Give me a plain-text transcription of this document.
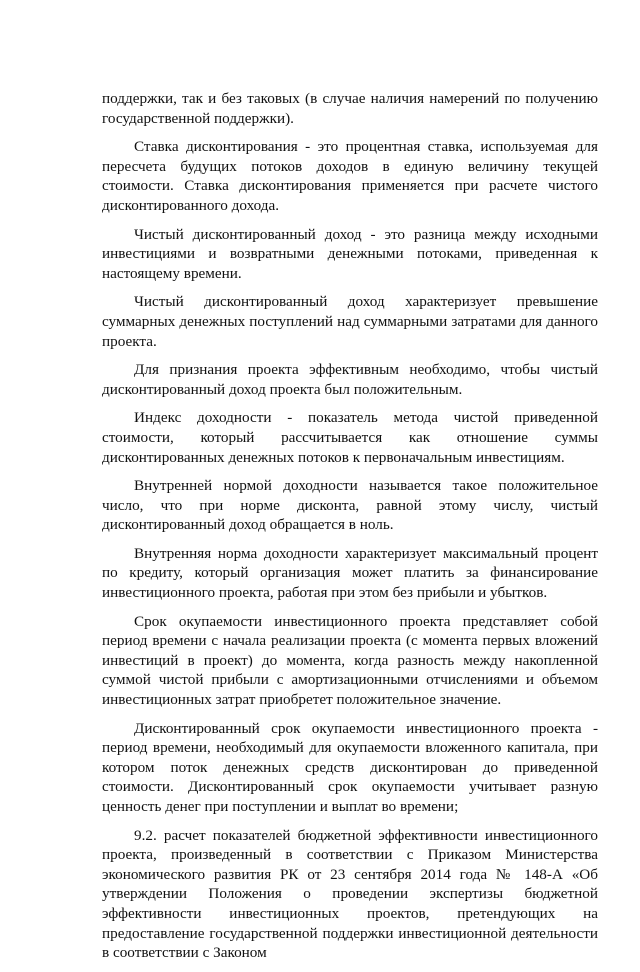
поддержки, так и без таковых (в случае наличия намерений по получению государственной поддержки).

Ставка дисконтирования - это процентная ставка, используемая для пересчета будущих потоков доходов в единую величину текущей стоимости. Ставка дисконтирования применяется при расчете чистого дисконтированного дохода.

Чистый дисконтированный доход - это разница между исходными инвестициями и возвратными денежными потоками, приведенная к настоящему времени.

Чистый дисконтированный доход характеризует превышение суммарных денежных поступлений над суммарными затратами для данного проекта.

Для признания проекта эффективным необходимо, чтобы чистый дисконтированный доход проекта был положительным.

Индекс доходности - показатель метода чистой приведенной стоимости, который рассчитывается как отношение суммы дисконтированных денежных потоков к первоначальным инвестициям.

Внутренней нормой доходности называется такое положительное число, что при норме дисконта, равной этому числу, чистый дисконтированный доход обращается в ноль.

Внутренняя норма доходности характеризует максимальный процент по кредиту, который организация может платить за финансирование инвестиционного проекта, работая при этом без прибыли и убытков.

Срок окупаемости инвестиционного проекта представляет собой период времени с начала реализации проекта (с момента первых вложений инвестиций в проект) до момента, когда разность между накопленной суммой чистой прибыли с амортизационными отчислениями и объемом инвестиционных затрат приобретет положительное значение.

Дисконтированный срок окупаемости инвестиционного проекта - период времени, необходимый для окупаемости вложенного капитала, при котором поток денежных средств дисконтирован до приведенной стоимости. Дисконтированный срок окупаемости учитывает разную ценность денег при поступлении и выплат во времени;

9.2. расчет показателей бюджетной эффективности инвестиционного проекта, произведенный в соответствии с Приказом Министерства экономического развития РК от 23 сентября 2014 года № 148-А «Об утверждении Положения о проведении экспертизы бюджетной эффективности инвестиционных проектов, претендующих на предоставление государственной поддержки инвестиционной деятельности в соответствии с Законом
